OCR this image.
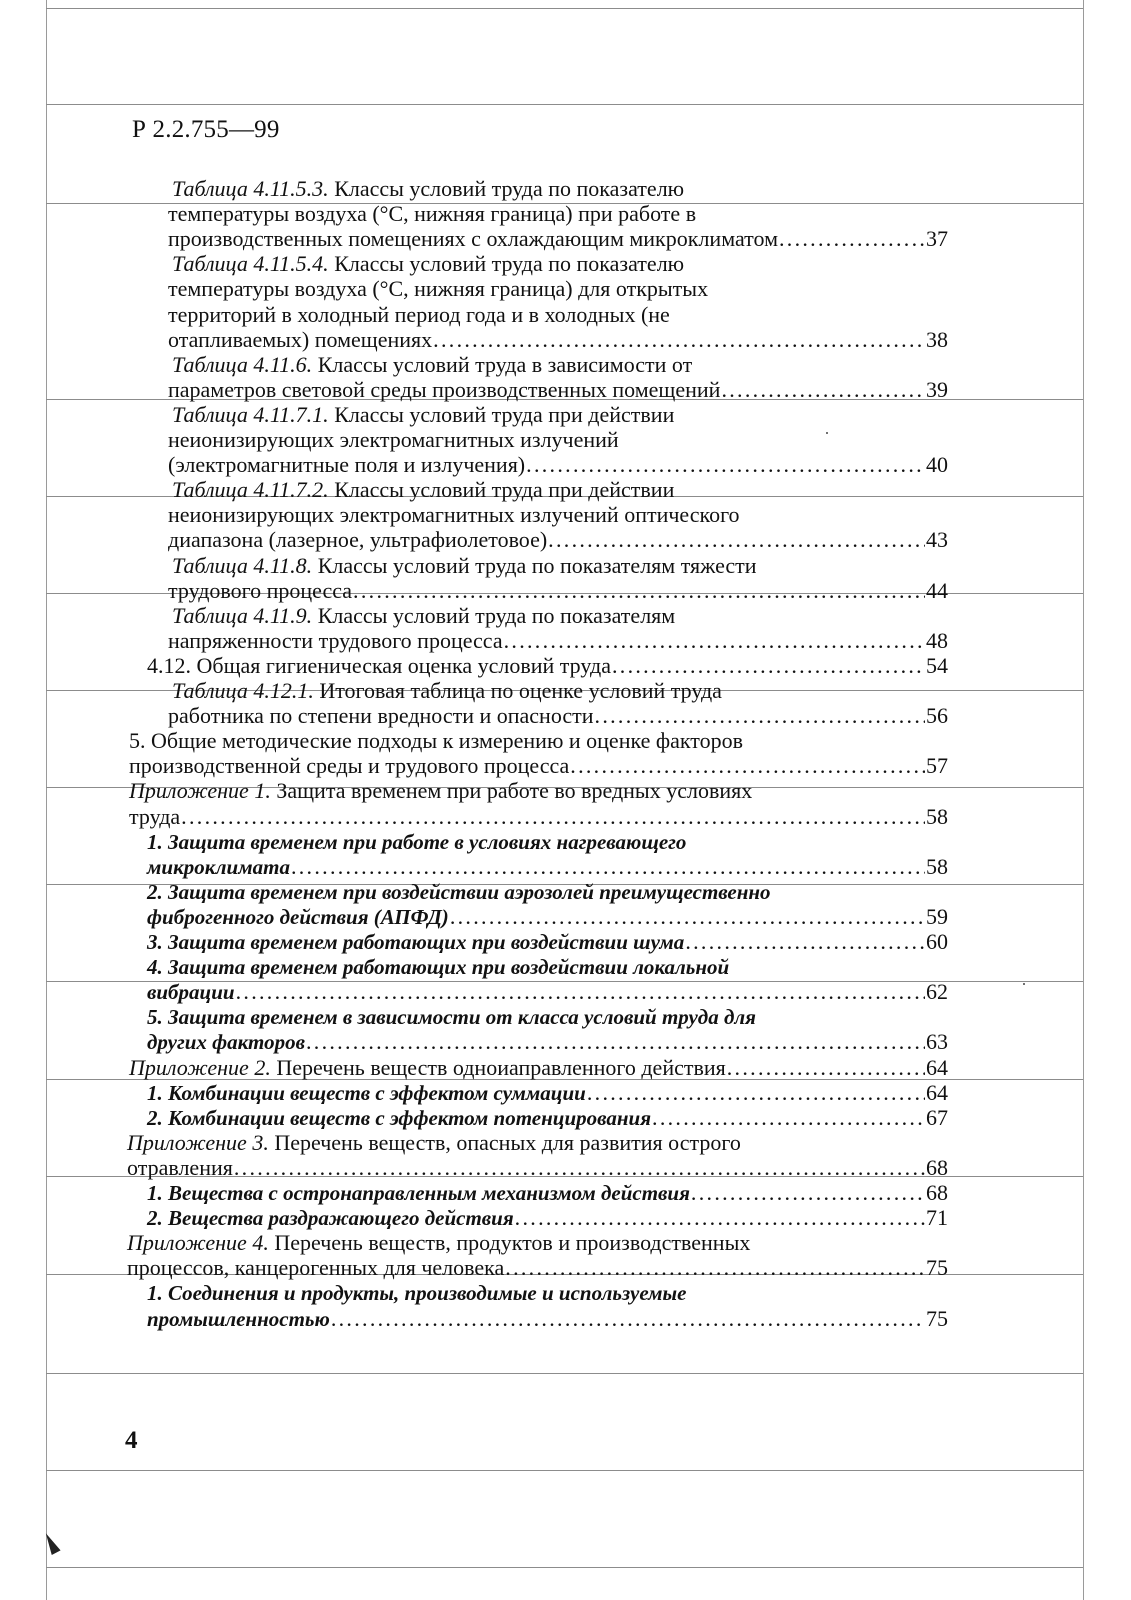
Р 2.2.755—99
Таблица 4.11.5.3. Классы условий труда по показателю
температуры воздуха (°С, нижняя граница) при работе в
производственных помещениях с охлаждающим микроклиматом . . .	37
Таблица 4.11.5.4. Классы условий труда по показателю
температуры воздуха (°С, нижняя граница) для открытых
территорий в холодный период года и в холодных (не
отапливаемых) помещениях . . .	38
Таблица 4.11.6. Классы условий труда в зависимости от
параметров световой среды производственных помещений . . .	39
Таблица 4.11.7.1. Классы условий труда при действии
неионизирующих электромагнитных излучений
(электромагнитные поля и излучения) . . .	40
Таблица 4.11.7.2. Классы условий труда при действии
неионизирующих электромагнитных излучений оптического
диапазона (лазерное, ультрафиолетовое) . . .	43
Таблица 4.11.8. Классы условий труда по показателям тяжести
трудового процесса . . .	44
Таблица 4.11.9. Классы условий труда по показателям
напряженности трудового процесса . . .	48
4.12. Общая гигиеническая оценка условий труда . . .	54
Таблица 4.12.1. Итоговая таблица по оценке условий труда
работника по степени вредности и опасности . . .	56
5. Общие методические подходы к измерению и оценке факторов
производственной среды и трудового процесса . . .	57
Приложение 1. Защита временем при работе во вредных условиях
труда . . .	58
1. Защита временем при работе в условиях нагревающего
микроклимата . . .	58
2. Защита временем при воздействии аэрозолей преимущественно
фиброгенного действия (АПФД) . . .	59
3. Защита временем работающих при воздействии шума . . .	60
4. Защита временем работающих при воздействии локальной
вибрации . . .	62
5. Защита временем в зависимости от класса условий труда для
других факторов . . .	63
Приложение 2. Перечень веществ одноиаправленного действия . . .	64
1. Комбинации веществ с эффектом суммации . . .	64
2. Комбинации веществ с эффектом потенцирования . . .	67
Приложение 3. Перечень веществ, опасных для развития острого
отравления . . .	68
1. Вещества с остронаправленным механизмом действия . . .	68
2. Вещества раздражающего действия . . .	71
Приложение 4. Перечень веществ, продуктов и производственных
процессов, канцерогенных для человека . . .	75
1. Соединения и продукты, производимые и используемые
промышленностью . . .	75
4
